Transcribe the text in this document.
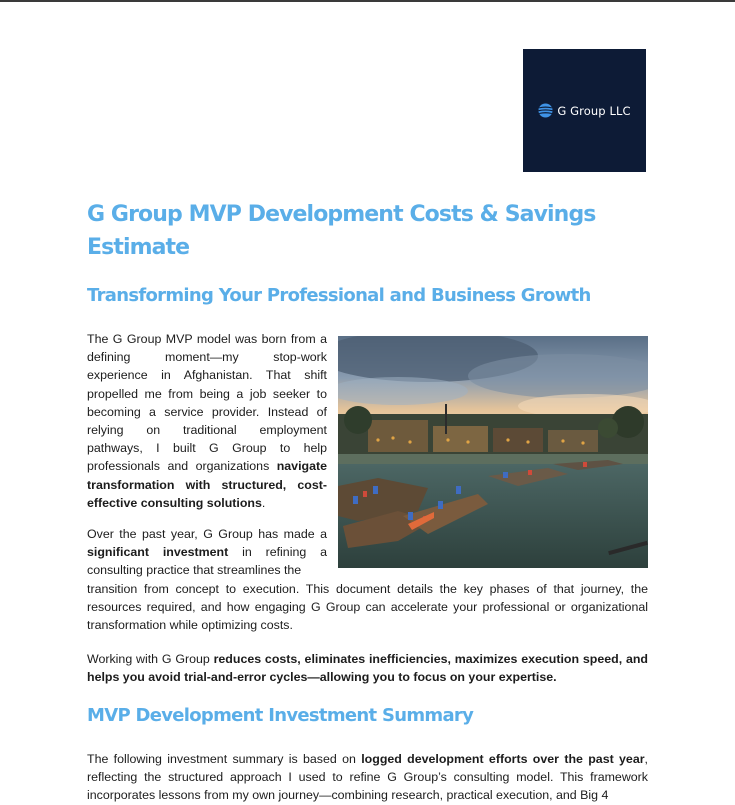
G Group LLC
G Group MVP Development Costs & Savings Estimate
Transforming Your Professional and Business Growth

The G Group MVP model was born from a defining moment—my stop-work experience in Afghanistan. That shift propelled me from being a job seeker to becoming a service provider. Instead of relying on traditional employment pathways, I built G Group to help professionals and organizations navigate transformation with structured, cost-effective consulting solutions.

Over the past year, G Group has made a significant investment in refining a consulting practice that streamlines the

transition from concept to execution. This document details the key phases of that journey, the resources required, and how engaging G Group can accelerate your professional or organizational transformation while optimizing costs.

Working with G Group reduces costs, eliminates inefficiencies, maximizes execution speed, and helps you avoid trial-and-error cycles—allowing you to focus on your expertise.

MVP Development Investment Summary

The following investment summary is based on logged development efforts over the past year, reflecting the structured approach I used to refine G Group’s consulting model. This framework incorporates lessons from my own journey—combining research, practical execution, and Big 4
